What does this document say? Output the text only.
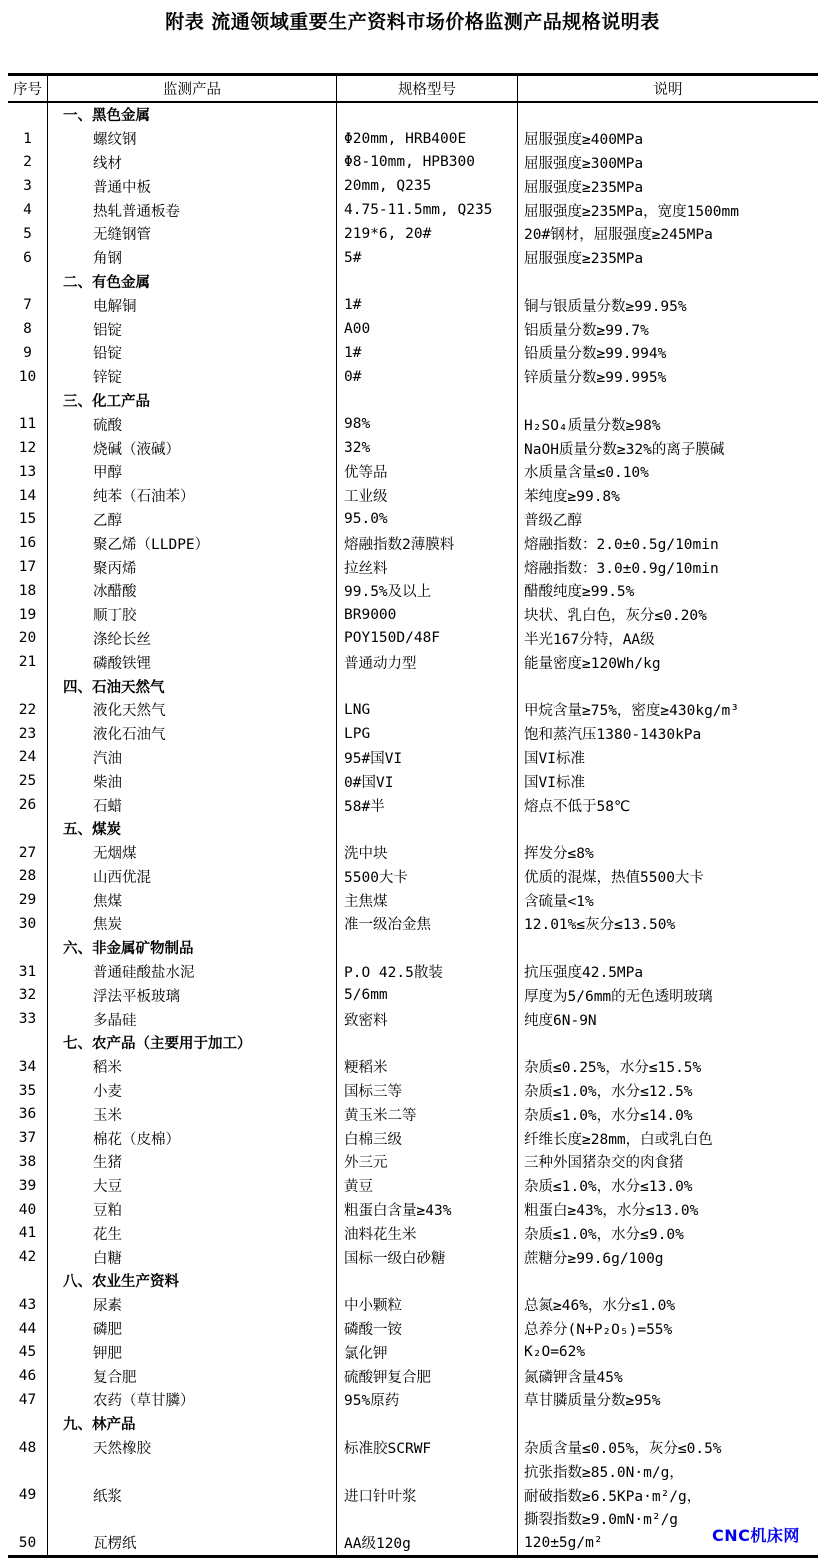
附表 流通领域重要生产资料市场价格监测产品规格说明表
序号	监测产品	规格型号	说明
一、黑色金属
1	螺纹钢	Φ20mm, HRB400E	屈服强度≥400MPa
2	线材	Φ8-10mm, HPB300	屈服强度≥300MPa
3	普通中板	20mm, Q235	屈服强度≥235MPa
4	热轧普通板卷	4.75-11.5mm, Q235	屈服强度≥235MPa，宽度1500mm
5	无缝钢管	219*6, 20#	20#钢材，屈服强度≥245MPa
6	角钢	5#	屈服强度≥235MPa
二、有色金属
7	电解铜	1#	铜与银质量分数≥99.95%
8	铝锭	A00	铝质量分数≥99.7%
9	铅锭	1#	铅质量分数≥99.994%
10	锌锭	0#	锌质量分数≥99.995%
三、化工产品
11	硫酸	98%	H₂SO₄质量分数≥98%
12	烧碱（液碱）	32%	NaOH质量分数≥32%的离子膜碱
13	甲醇	优等品	水质量含量≤0.10%
14	纯苯（石油苯）	工业级	苯纯度≥99.8%
15	乙醇	95.0%	普级乙醇
16	聚乙烯（LLDPE）	熔融指数2薄膜料	熔融指数：2.0±0.5g/10min
17	聚丙烯	拉丝料	熔融指数：3.0±0.9g/10min
18	冰醋酸	99.5%及以上	醋酸纯度≥99.5%
19	顺丁胶	BR9000	块状、乳白色，灰分≤0.20%
20	涤纶长丝	POY150D/48F	半光167分特，AA级
21	磷酸铁锂	普通动力型	能量密度≥120Wh/kg
四、石油天然气
22	液化天然气	LNG	甲烷含量≥75%，密度≥430kg/m³
23	液化石油气	LPG	饱和蒸汽压1380-1430kPa
24	汽油	95#国VI	国VI标准
25	柴油	0#国VI	国VI标准
26	石蜡	58#半	熔点不低于58℃
五、煤炭
27	无烟煤	洗中块	挥发分≤8%
28	山西优混	5500大卡	优质的混煤，热值5500大卡
29	焦煤	主焦煤	含硫量<1%
30	焦炭	准一级冶金焦	12.01%≤灰分≤13.50%
六、非金属矿物制品
31	普通硅酸盐水泥	P.O 42.5散装	抗压强度42.5MPa
32	浮法平板玻璃	5/6mm	厚度为5/6mm的无色透明玻璃
33	多晶硅	致密料	纯度6N-9N
七、农产品（主要用于加工）
34	稻米	粳稻米	杂质≤0.25%，水分≤15.5%
35	小麦	国标三等	杂质≤1.0%，水分≤12.5%
36	玉米	黄玉米二等	杂质≤1.0%，水分≤14.0%
37	棉花（皮棉）	白棉三级	纤维长度≥28mm，白或乳白色
38	生猪	外三元	三种外国猪杂交的肉食猪
39	大豆	黄豆	杂质≤1.0%，水分≤13.0%
40	豆粕	粗蛋白含量≥43%	粗蛋白≥43%，水分≤13.0%
41	花生	油料花生米	杂质≤1.0%，水分≤9.0%
42	白糖	国标一级白砂糖	蔗糖分≥99.6g/100g
八、农业生产资料
43	尿素	中小颗粒	总氮≥46%，水分≤1.0%
44	磷肥	磷酸一铵	总养分(N+P₂O₅)=55%
45	钾肥	氯化钾	K₂O=62%
46	复合肥	硫酸钾复合肥	氮磷钾含量45%
47	农药（草甘膦）	95%原药	草甘膦质量分数≥95%
九、林产品
48	天然橡胶	标准胶SCRWF	杂质含量≤0.05%，灰分≤0.5%
抗张指数≥85.0N·m/g，
49	纸浆	进口针叶浆	耐破指数≥6.5KPa·m²/g，
撕裂指数≥9.0mN·m²/g
50	瓦楞纸	AA级120g	120±5g/m²	CNC机床网
